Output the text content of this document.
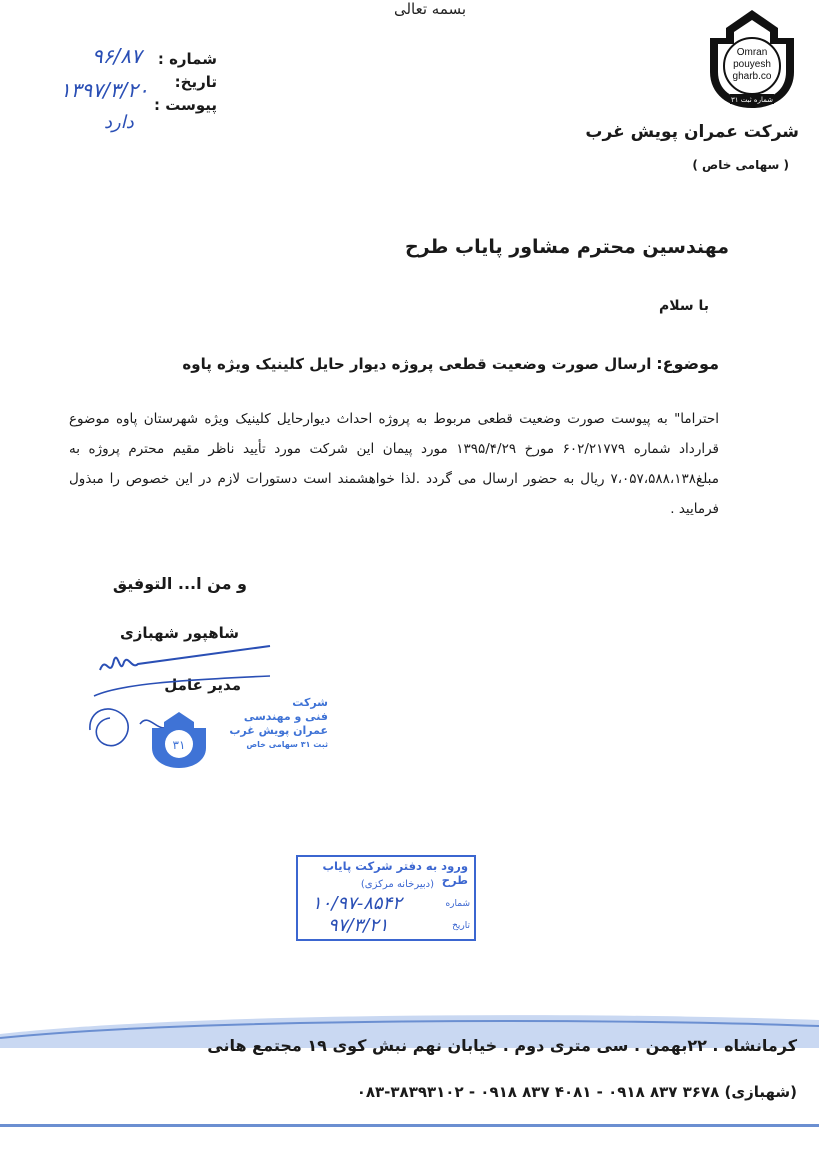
بسمه تعالی
Omran
pouyesh
gharb.co
شماره ثبت ۳۱
شرکت عمران پویش غرب
( سهامی خاص )
شماره :
۹۶/۸۷
تاریخ:
۱۳۹۷/۳/۲۰
پیوست :
دارد
مهندسین محترم مشاور پایاب طرح
با سلام
موضوع: ارسال صورت وضعیت قطعی پروژه دیوار حایل کلینیک ویژه پاوه
احتراما" به پیوست صورت وضعیت قطعی مربوط به پروژه احداث دیوارحایل کلینیک ویژه شهرستان پاوه موضوع قرارداد شماره ۶۰۲/۲۱۷۷۹ مورخ ۱۳۹۵/۴/۲۹ مورد پیمان این شرکت مورد تأیید ناظر مقیم محترم پروژه به مبلغ۷،۰۵۷،۵۸۸،۱۳۸ ریال به حضور ارسال می گردد .لذا خواهشمند است دستورات لازم در این خصوص را مبذول فرمایید .
و من ا... التوفیق
شاهپور شهبازی
مدیر عامل
۳۱
شرکت
فنی و مهندسی
عمران پویش غرب
ثبت ۳۱ سهامی خاص
ورود به دفتر شرکت پایاب طرح
(دبیرخانه مرکزی)
شماره
تاریخ
۱۰/۹۷-۸۵۴۲
۹۷/۳/۲۱
کرمانشاه . ۲۲بهمن . سی متری دوم . خیابان نهم نبش کوی ۱۹ مجتمع هانی
۰۸۳-۳۸۳۹۳۱۰۲ - ۰۹۱۸ ۸۳۷ ۴۰۸۱ - ۰۹۱۸ ۸۳۷ ۳۶۷۸ (شهبازی)
